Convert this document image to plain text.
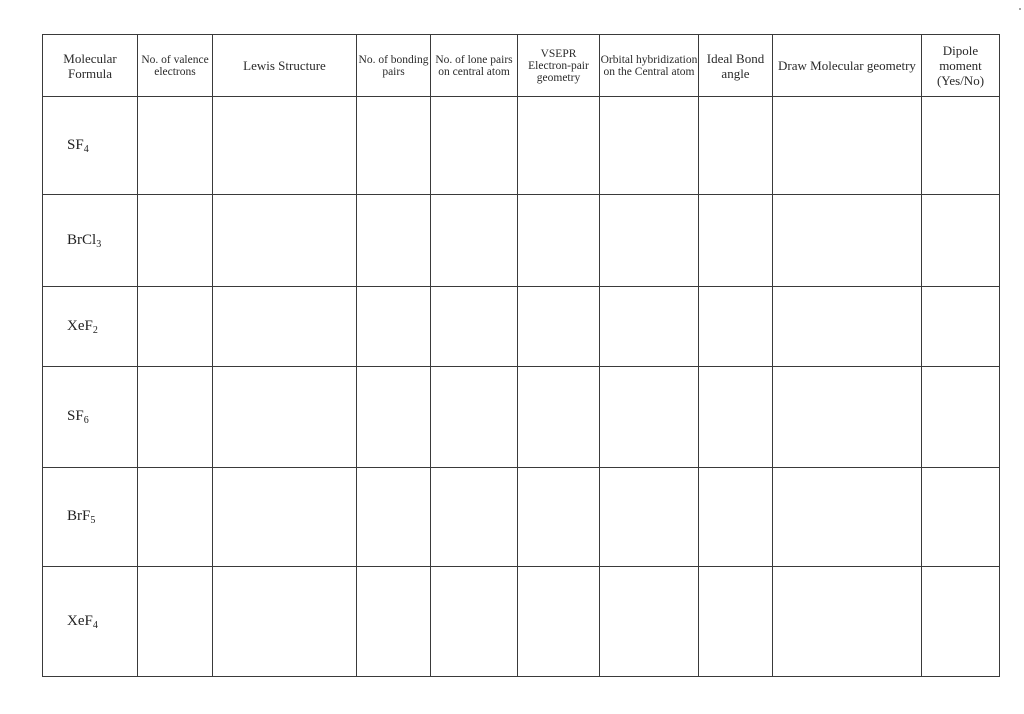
Molecular Formula	No. of valence electrons	Lewis Structure	No. of bonding pairs	No. of lone pairs on central atom	VSEPR Electron-pair geometry	Orbital hybridization on the Central atom	Ideal Bond angle	Draw Molecular geometry	Dipole moment (Yes/No)
$SF_4$									
BrCl$_3$									
XeF$_2$									
$SF_6$									
BrF$_5$									
XeF$_4$									
